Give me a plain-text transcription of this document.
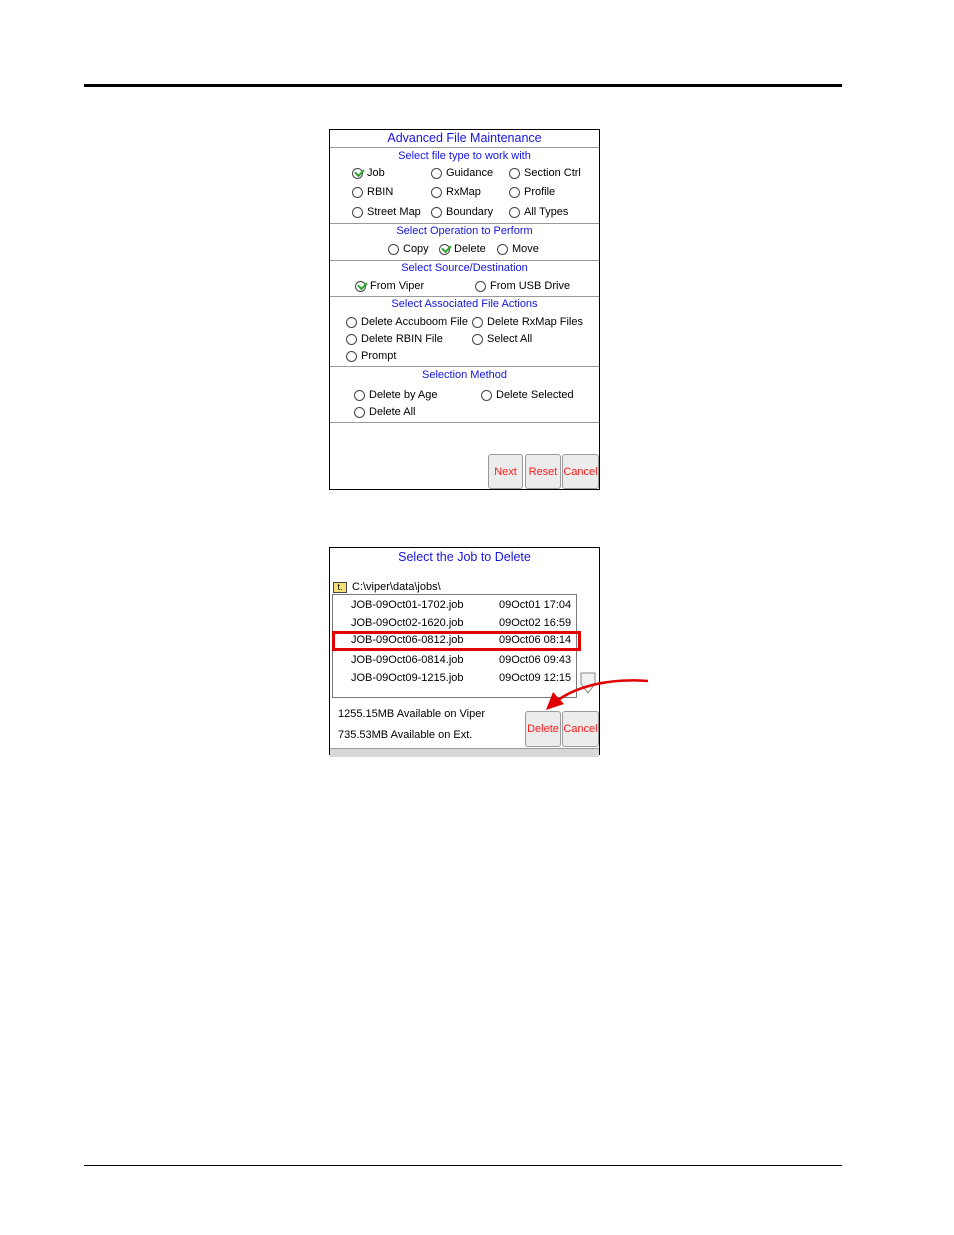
Advanced File Maintenance
Select file type to work with
Job	Guidance	Section Ctrl
RBIN	RxMap	Profile
Street Map Boundary	All Types
Select Operation to Perform
Copy Delete Move
Select Source/Destination
From Viper	From USB Drive
Select Associated File Actions
Delete Accuboom File Delete RxMap Files
Delete RBIN File	Select All
Prompt
Selection Method
Delete by Age	Delete Selected
Delete All
Next	Reset Cancel
Select the Job to Delete
t. C:\viper\data\jobs\
JOB-09Oct01-1702.job	09Oct01 17:04
JOB-09Oct02-1620.job	09Oct02 16:59
JOB-09Oct06-0812.job	09Oct06 08:14
JOB-09Oct06-0814.job	09Oct06 09:43
JOB-09Oct09-1215.job	09Oct09 12:15
1255.15MB Available on Viper
735.53MB Available on Ext.	Delete Cancel
